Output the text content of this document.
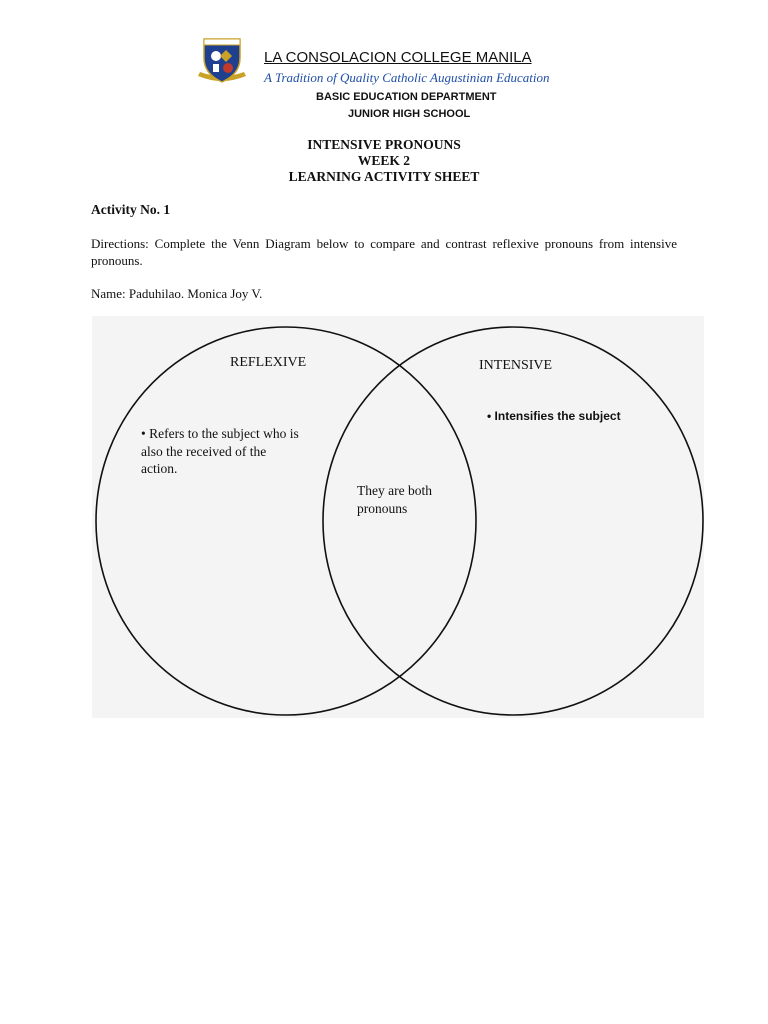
LA CONSOLACION COLLEGE MANILA
A Tradition of Quality Catholic Augustinian Education
BASIC EDUCATION DEPARTMENT
JUNIOR HIGH SCHOOL
INTENSIVE PRONOUNS
WEEK 2
LEARNING ACTIVITY SHEET
Activity No. 1
Directions: Complete the Venn Diagram below to compare and contrast reflexive pronouns from intensive pronouns.
Name: Paduhilao. Monica Joy V.
REFLEXIVE	INTENSIVE
• Refers to the subject who is also the received of the action.
They are both pronouns
• Intensifies the subject
